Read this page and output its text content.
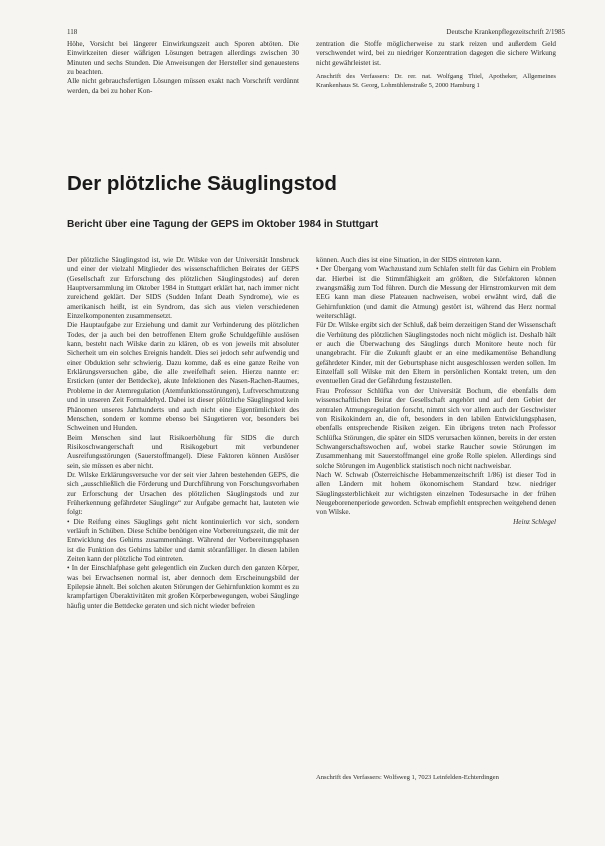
118	Deutsche Krankenpflegezeitschrift 2/1985

Höhe, Vorsicht bei längerer Einwirkungszeit auch Sporen abtöten. Die Einwirkzeiten dieser wäßrigen Lösungen betragen allerdings zwischen 30 Minuten und sechs Stunden. Die Anweisungen der Hersteller sind genauestens zu beachten.

Alle nicht gebrauchsfertigen Lösungen müssen exakt nach Vorschrift verdünnt werden, da bei zu hoher Kon-

zentration die Stoffe möglicherweise zu stark reizen und außerdem Geld verschwendet wird, bei zu niedriger Konzentration dagegen die sichere Wirkung nicht gewährleistet ist.

Anschrift des Verfassers: Dr. rer. nat. Wolfgang Thiel, Apotheker, Allgemeines Krankenhaus St. Georg, Lohmühlenstraße 5, 2000 Hamburg 1

Der plötzliche Säuglingstod
Bericht über eine Tagung der GEPS im Oktober 1984 in Stuttgart

Der plötzliche Säuglingstod ist, wie Dr. Wilske von der Universität Innsbruck und einer der vielzahl Mitglieder des wissenschaftlichen Beirates der GEPS (Gesellschaft zur Erforschung des plötzlichen Säuglingstodes) auf deren Hauptversammlung im Oktober 1984 in Stuttgart erklärt hat, nach immer nicht zureichend geklärt. Der SIDS (Sudden Infant Death Syndrome), wie es amerikanisch heißt, ist ein Syndrom, das sich aus vielen verschiedenen Einzelkomponenten zusammensetzt.

Die Hauptaufgabe zur Erziehung und damit zur Verhinderung des plötzlichen Todes, der ja auch bei den betroffenen Eltern große Schuldgefühle auslösen kann, besteht nach Wilske darin zu klären, ob es von jeweils mit absoluter Sicherheit um ein solches Ereignis handelt. Dies sei jedoch sehr aufwendig und einer Obduktion sehr schwierig. Dazu komme, daß es eine ganze Reihe von Erklärungsversuchen gäbe, die alle zweifelhaft seien. Hierzu nannte er: Ersticken (unter der Bettdecke), akute Infektionen des Nasen-Rachen-Raumes, Probleme in der Atemregulation (Atemfunktionsstörungen), Luftverschmutzung und in unseren Zeit Formaldehyd. Dabei ist dieser plötzliche Säuglingstod kein Phänomen unseres Jahrhunderts und auch nicht eine Eigentümlichkeit des Menschen, sondern er komme ebenso bei Säugetieren vor, besonders bei Schweinen und Hunden.

Beim Menschen sind laut Risikoerhöhung für SIDS die durch Risikoschwangerschaft und Risikogeburt mit verbundener Ausreifungsstörungen (Sauerstoffmangel). Diese Faktoren können Auslöser sein, sie müssen es aber nicht.

Dr. Wilske Erklärungsversuche vor der seit vier Jahren bestehenden GEPS, die sich „ausschließlich die Förderung und Durchführung von Forschungsvorhaben zur Erforschung der Ursachen des plötzlichen Säuglingstods und zur Früherkennung gefährdeter Säuglinge“ zur Aufgabe gemacht hat, lauteten wie folgt:

• Die Reifung eines Säuglings geht nicht kontinuierlich vor sich, sondern verläuft in Schüben. Diese Schübe benötigen eine Vorbereitungszeit, die mit der Entwicklung des Gehirns zusammenhängt. Während der Vorbereitungsphasen ist die Funktion des Gehirns labiler und damit störanfälliger. In diesen labilen Zeiten kann der plötzliche Tod eintreten.

• In der Einschlafphase geht gelegentlich ein Zucken durch den ganzen Körper, was bei Erwachsenen normal ist, aber dennoch dem Erscheinungsbild der Epilepsie ähnelt. Bei solchen akuten Störungen der Gehirnfunktion kommt es zu krampfartigen Überaktivitäten mit großen Körperbewegungen, wobei Säuglinge häufig unter die Bettdecke geraten und sich nicht wieder befreien

können. Auch dies ist eine Situation, in der SIDS eintreten kann.

• Der Übergang vom Wachzustand zum Schlafen stellt für das Gehirn ein Problem dar. Hierbei ist die Stimmfähigkeit am größten, die Störfaktoren können zwangsmäßig zum Tod führen. Durch die Messung der Hirnstromkurven mit dem EEG kann man diese Plateauen nachweisen, wobei erwähnt wird, daß die Gehirnfunktion (und damit die Atmung) gestört ist, während das Herz normal weiterschlägt.

Für Dr. Wilske ergibt sich der Schluß, daß beim derzeitigen Stand der Wissenschaft die Verhütung des plötzlichen Säuglingstodes noch nicht möglich ist. Deshalb hält er auch die Überwachung des Säuglings durch Monitore heute noch für unangebracht. Für die Zukunft glaubt er an eine medikamentöse Behandlung gefährdeter Kinder, mit der Geburtsphase nicht ausgeschlossen werden sollen. Im Einzelfall soll Wilske mit den Eltern in persönlichen Kontakt treten, um den eventuellen Grad der Gefährdung festzustellen.

Frau Professor Schlüfka von der Universität Bochum, die ebenfalls dem wissenschaftlichen Beirat der Gesellschaft angehört und auf dem Gebiet der zentralen Atmungsregulation forscht, nimmt sich vor allem auch der Geschwister von Risikokindern an, die oft, besonders in den labilen Entwicklungsphasen, ebenfalls entsprechende Risiken zeigen. Ein übrigens treten nach Professor Schlüfka Störungen, die später ein SIDS verursachen können, bereits in der ersten Schwangerschaftswochen auf, wobei starke Raucher sowie Störungen im Zusammenhang mit Sauerstoffmangel eine große Rolle spielen. Allerdings sind solche Störungen im Augenblick statistisch noch nicht nachweisbar.

Nach W. Schwab (Österreichische Hebammenzeitschrift 1/86) ist dieser Tod in allen Ländern mit hohem ökonomischem Standard bzw. niedriger Säuglingssterblichkeit zur wichtigsten einzelnen Todesursache in der frühen Neugeborenenperiode geworden. Schwab empfiehlt entsprechen weitgehend denen von Wilske.

Heinz Schlegel

Anschrift des Verfassers: Wolfsweg 1, 7023 Leinfelden-Echterdingen
